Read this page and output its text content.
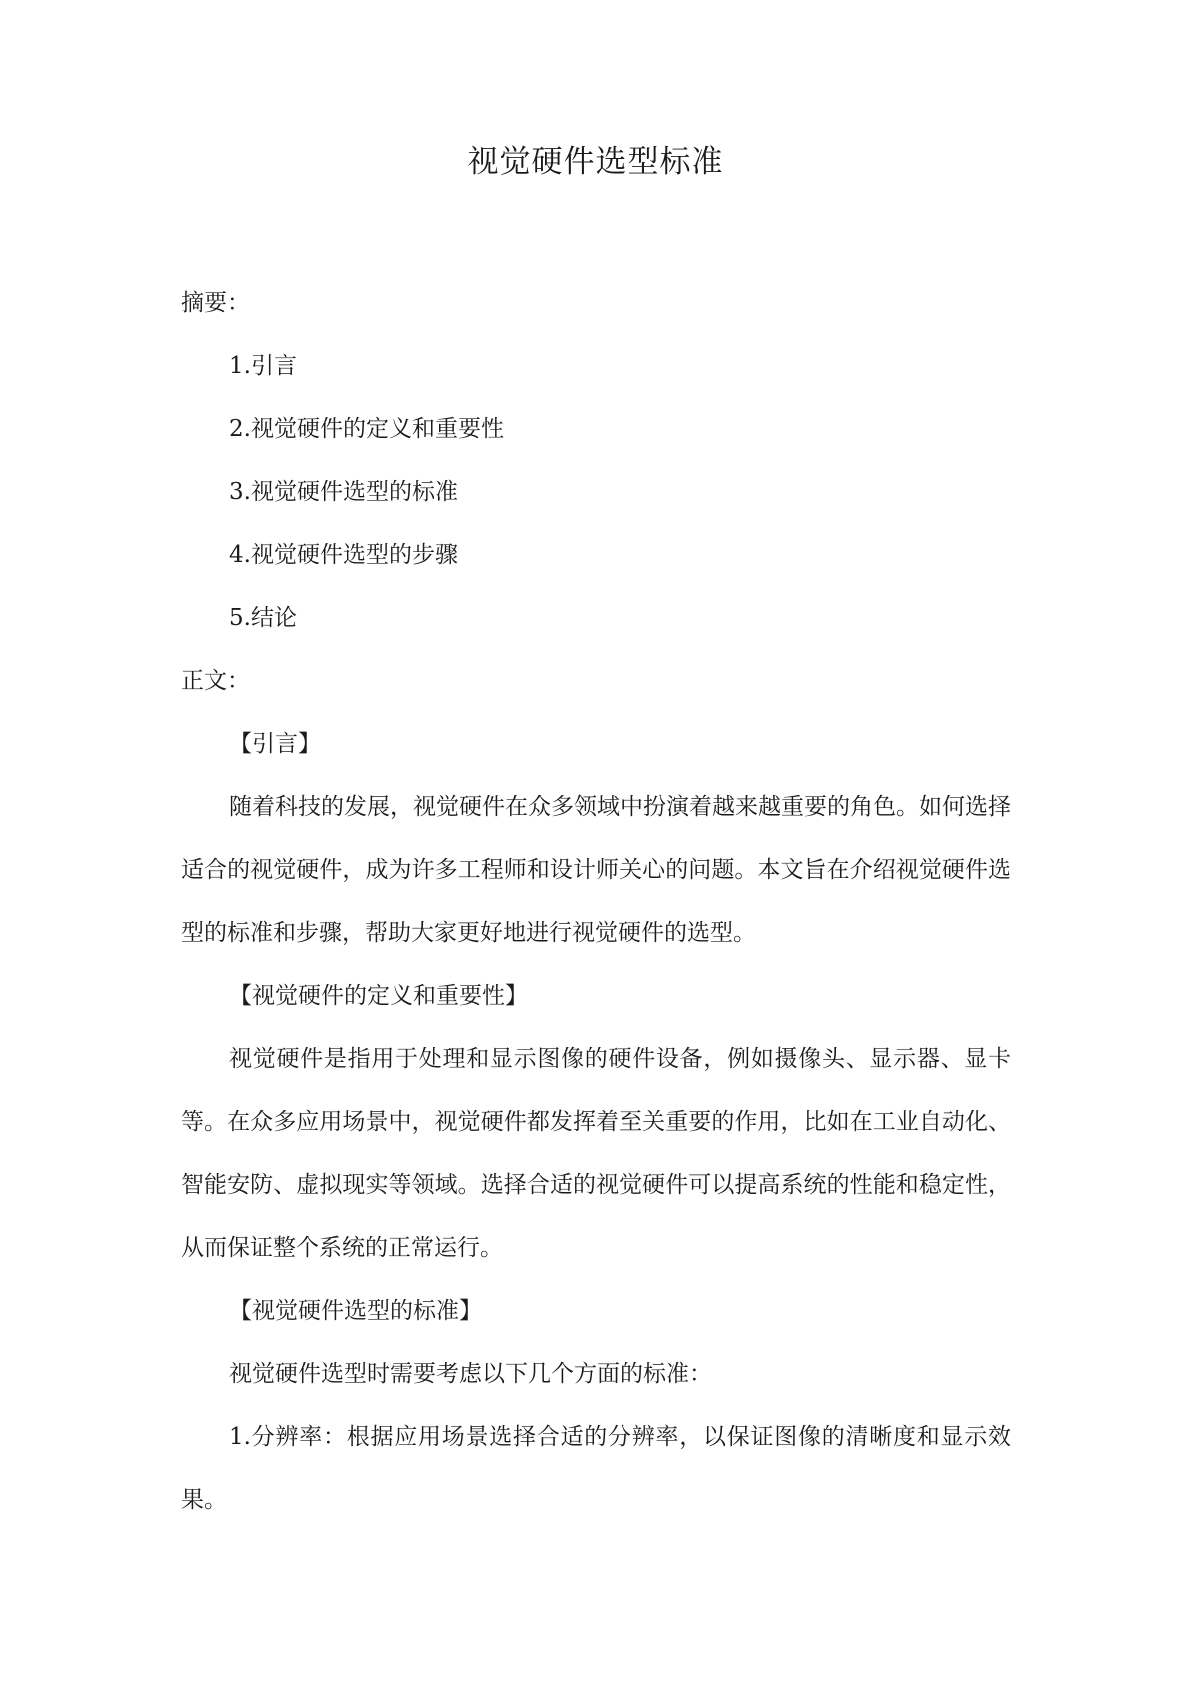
视觉硬件选型标准
摘要：
1.引言
2.视觉硬件的定义和重要性
3.视觉硬件选型的标准
4.视觉硬件选型的步骤
5.结论
正文：
【引言】

随着科技的发展，视觉硬件在众多领域中扮演着越来越重要的角色。如何选择适合的视觉硬件，成为许多工程师和设计师关心的问题。本文旨在介绍视觉硬件选型的标准和步骤，帮助大家更好地进行视觉硬件的选型。

【视觉硬件的定义和重要性】

视觉硬件是指用于处理和显示图像的硬件设备，例如摄像头、显示器、显卡等。在众多应用场景中，视觉硬件都发挥着至关重要的作用，比如在工业自动化、智能安防、虚拟现实等领域。选择合适的视觉硬件可以提高系统的性能和稳定性，从而保证整个系统的正常运行。

【视觉硬件选型的标准】

视觉硬件选型时需要考虑以下几个方面的标准：

1.分辨率：根据应用场景选择合适的分辨率，以保证图像的清晰度和显示效果。
